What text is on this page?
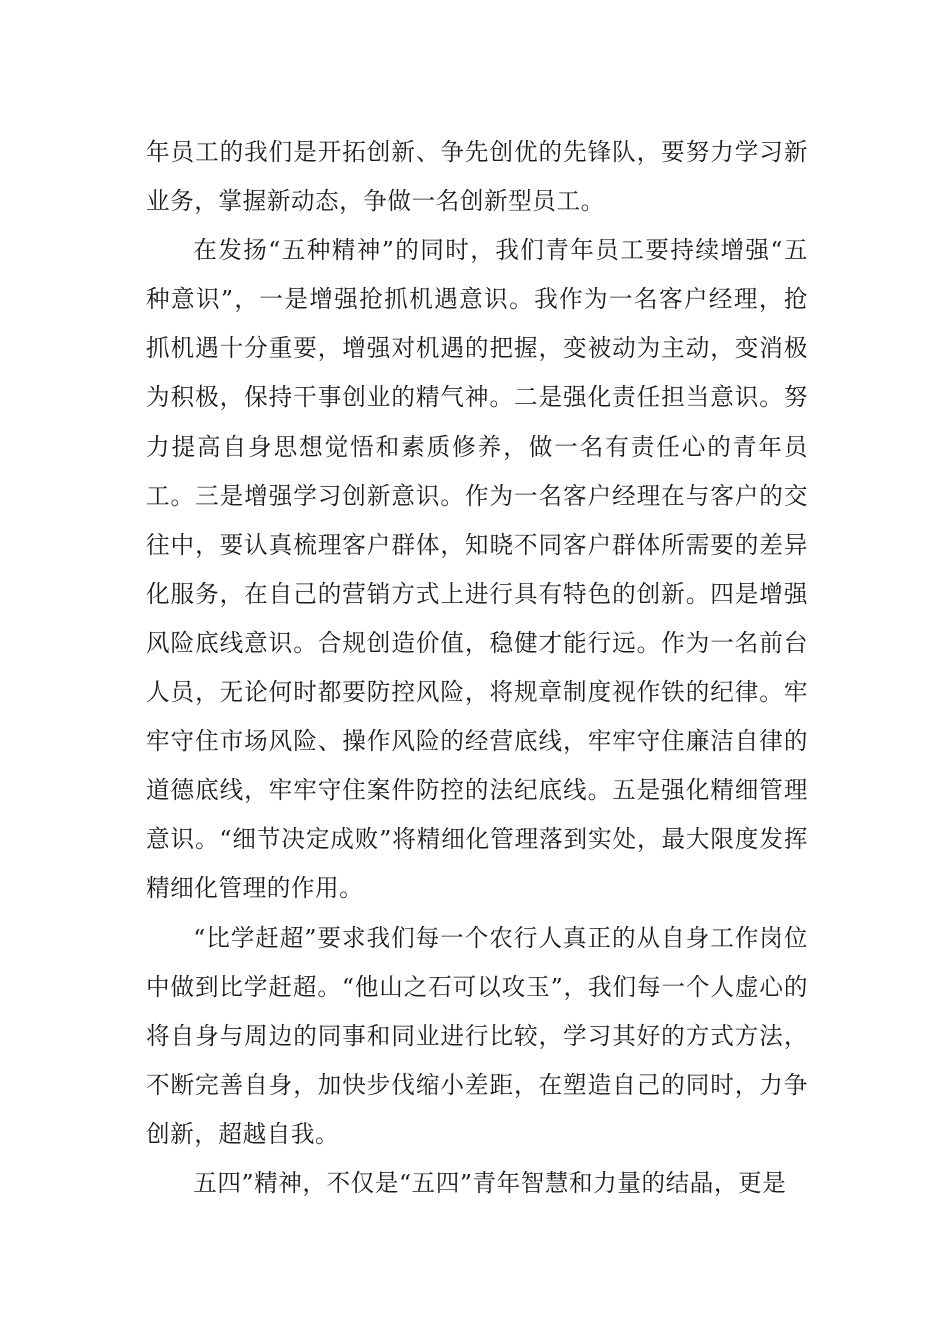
年员工的我们是开拓创新、争先创优的先锋队，要努力学习新业务，掌握新动态，争做一名创新型员工。

在发扬“五种精神”的同时，我们青年员工要持续增强“五种意识”，一是增强抢抓机遇意识。我作为一名客户经理，抢抓机遇十分重要，增强对机遇的把握，变被动为主动，变消极为积极，保持干事创业的精气神。二是强化责任担当意识。努力提高自身思想觉悟和素质修养，做一名有责任心的青年员工。三是增强学习创新意识。作为一名客户经理在与客户的交往中，要认真梳理客户群体，知晓不同客户群体所需要的差异化服务，在自己的营销方式上进行具有特色的创新。四是增强风险底线意识。合规创造价值，稳健才能行远。作为一名前台人员，无论何时都要防控风险，将规章制度视作铁的纪律。牢牢守住市场风险、操作风险的经营底线，牢牢守住廉洁自律的道德底线，牢牢守住案件防控的法纪底线。五是强化精细管理意识。“细节决定成败”将精细化管理落到实处，最大限度发挥精细化管理的作用。

“比学赶超”要求我们每一个农行人真正的从自身工作岗位中做到比学赶超。“他山之石可以攻玉”，我们每一个人虚心的将自身与周边的同事和同业进行比较，学习其好的方式方法，不断完善自身，加快步伐缩小差距，在塑造自己的同时，力争创新，超越自我。

五四”精神，不仅是“五四”青年智慧和力量的结晶，更是
